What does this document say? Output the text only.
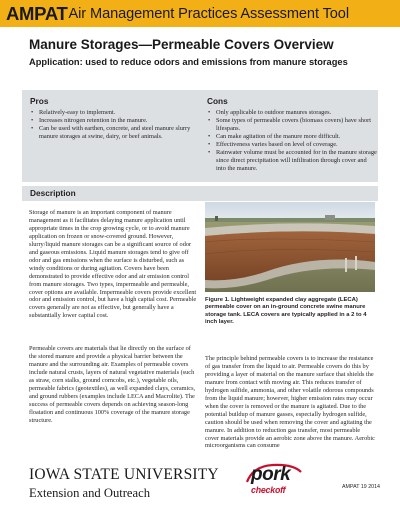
AMPAT Air Management Practices Assessment Tool
Manure Storages—Permeable Covers Overview
Application: used to reduce odors and emissions from manure storages
Pros
• Relatively-easy to implement.
• Increases nitrogen retention in the manure.
• Can be used with earthen, concrete, and steel manure slurry manure storages at swine, dairy, or beef animals.
Cons
• Only applicable to outdoor manures storages.
• Some types of permeable covers (biomass covers) have short lifespans.
• Can make agitation of the manure more difficult.
• Effectiveness varies based on level of coverage.
• Rainwater volume must be accounted for in the manure storage since direct precipitation will infiltration through cover and into the manure.
Description

Storage of manure is an important component of manure management as it facilitates delaying manure application until appropriate times in the crop growing cycle, or to avoid manure application on frozen or snow-covered ground. However, slurry/liquid manure storages can be a significant source of odor and gaseous emissions. Liquid manure storages tend to give off odor and gas emissions when the surface is disturbed, such as windy conditions or during agitation. Covers have been demonstrated to provide effective odor and air emission control from manure storages. Two types, impermeable and permeable, cover options are available. Impermeable covers provide excellent odor and emission control, but have a high capital cost. Permeable covers generally are not as effective, but generally have a substantially lower capital cost.

Permeable covers are materials that lie directly on the surface of the stored manure and provide a physical barrier between the manure and the surrounding air. Examples of permeable covers include natural crusts, layers of natural vegetative materials (such as straw, corn stalks, ground corncobs, etc.), vegetable oils, permeable fabrics (geotextiles), as well expanded clays, ceramics, and ground rubbers (examples include LECA and Macrolite). The success of permeable covers depends on achieving season-long floatation and continuous 100% coverage of the manure storage structure.

Figure 1. Lightweight expanded clay aggregate (LECA) permeable cover on an in-ground concrete swine manure storage tank. LECA covers are typically applied in a 2 to 4 inch layer.

The principle behind permeable covers is to increase the resistance of gas transfer from the liquid to air. Permeable covers do this by providing a layer of material on the manure surface that shields the manure from contact with moving air. This reduces transfer of hydrogen sulfide, ammonia, and other volatile odorous compounds from the liquid manure; however, higher emission rates may occur when the cover is removed or the manure is agitated. Due to the potential buildup of manure gasses, especially hydrogen sulfide, caution should be used when removing the cover and agitating the manure. In addition to reduction gas transfer, most permeable cover materials provide an aerobic zone above the manure. Aerobic microorganisms can consume

IOWA STATE UNIVERSITY
Extension and Outreach
pork
checkoff	AMPAT 19 2014
